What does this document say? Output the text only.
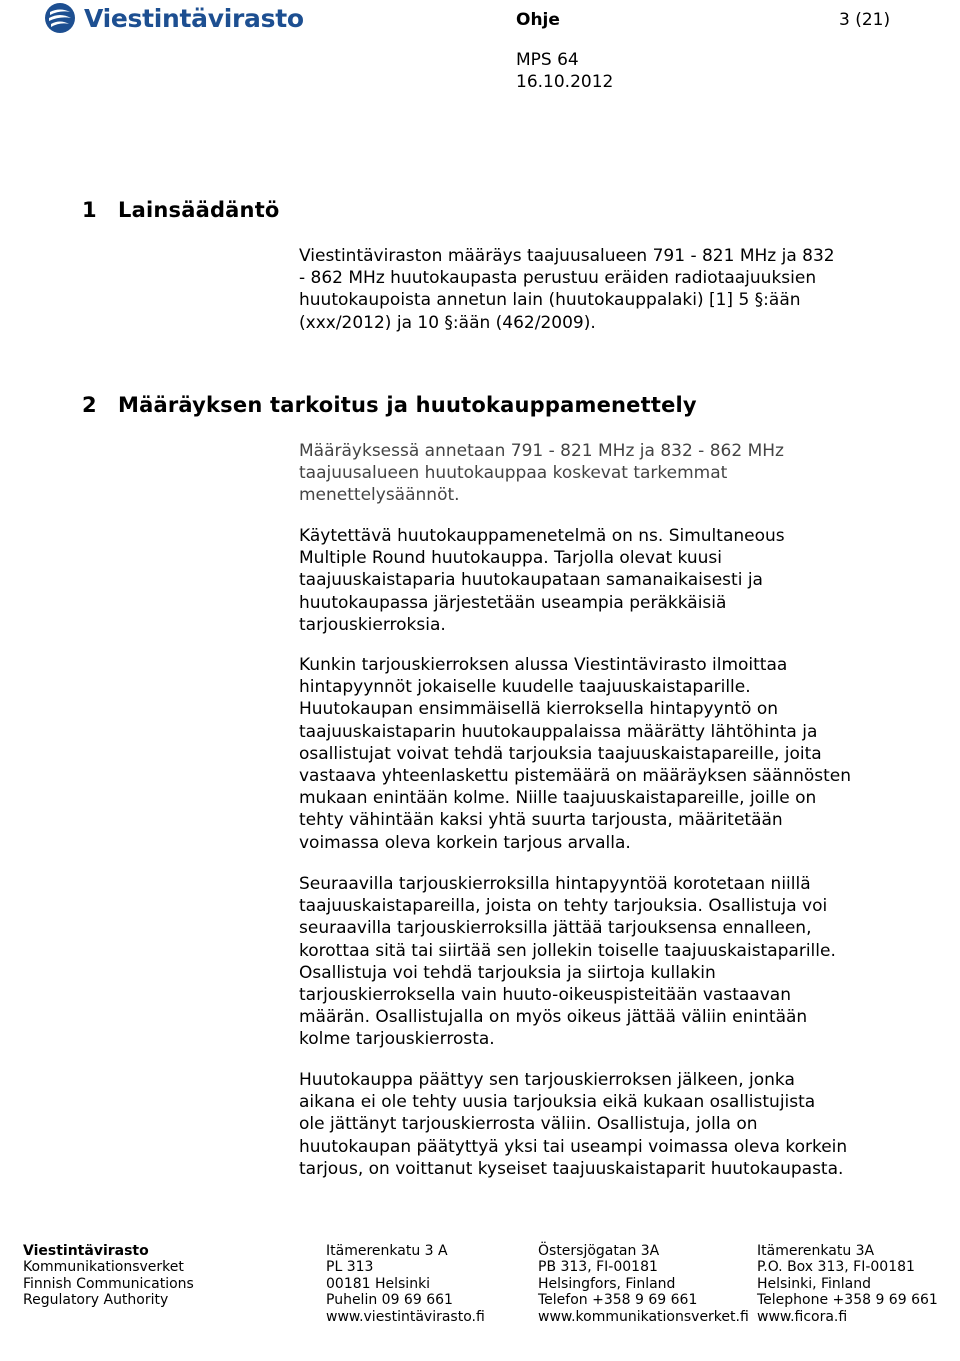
Viestintävirasto	Ohje	3 (21)
MPS 64
16.10.2012
1 Lainsäädäntö
Viestintäviraston määräys taajuusalueen 791 - 821 MHz ja 832
- 862 MHz huutokaupasta perustuu eräiden radiotaajuuksien
huutokaupoista annetun lain (huutokauppalaki) [1] 5 §:ään
(xxx/2012) ja 10 §:ään (462/2009).
2 Määräyksen tarkoitus ja huutokauppamenettely
Määräyksessä annetaan 791 - 821 MHz ja 832 - 862 MHz
taajuusalueen huutokauppaa koskevat tarkemmat
menettelysäännöt.
Käytettävä huutokauppamenetelmä on ns. Simultaneous
Multiple Round huutokauppa. Tarjolla olevat kuusi
taajuuskaistaparia huutokaupataan samanaikaisesti ja
huutokaupassa järjestetään useampia peräkkäisiä
tarjouskierroksia.
Kunkin tarjouskierroksen alussa Viestintävirasto ilmoittaa
hintapyynnöt jokaiselle kuudelle taajuuskaistaparille.
Huutokaupan ensimmäisellä kierroksella hintapyyntö on
taajuuskaistaparin huutokauppalaissa määrätty lähtöhinta ja
osallistujat voivat tehdä tarjouksia taajuuskaistapareille, joita
vastaava yhteenlaskettu pistemäärä on määräyksen säännösten
mukaan enintään kolme. Niille taajuuskaistapareille, joille on
tehty vähintään kaksi yhtä suurta tarjousta, määritetään
voimassa oleva korkein tarjous arvalla.
Seuraavilla tarjouskierroksilla hintapyyntöä korotetaan niillä
taajuuskaistapareilla, joista on tehty tarjouksia. Osallistuja voi
seuraavilla tarjouskierroksilla jättää tarjouksensa ennalleen,
korottaa sitä tai siirtää sen jollekin toiselle taajuuskaistaparille.
Osallistuja voi tehdä tarjouksia ja siirtoja kullakin
tarjouskierroksella vain huuto-oikeuspisteitään vastaavan
määrän. Osallistujalla on myös oikeus jättää väliin enintään
kolme tarjouskierrosta.
Huutokauppa päättyy sen tarjouskierroksen jälkeen, jonka
aikana ei ole tehty uusia tarjouksia eikä kukaan osallistujista
ole jättänyt tarjouskierrosta väliin. Osallistuja, jolla on
huutokaupan päätyttyä yksi tai useampi voimassa oleva korkein
tarjous, on voittanut kyseiset taajuuskaistaparit huutokaupasta.
Viestintävirasto
Kommunikationsverket
Finnish Communications
Regulatory Authority
Itämerenkatu 3 A
PL 313
00181 Helsinki
Puhelin 09 69 661
www.viestintävirasto.fi
Östersjögatan 3A
PB 313, FI-00181
Helsingfors, Finland
Telefon +358 9 69 661
www.kommunikationsverket.fi
Itämerenkatu 3A
P.O. Box 313, FI-00181
Helsinki, Finland
Telephone +358 9 69 661
www.ficora.fi
